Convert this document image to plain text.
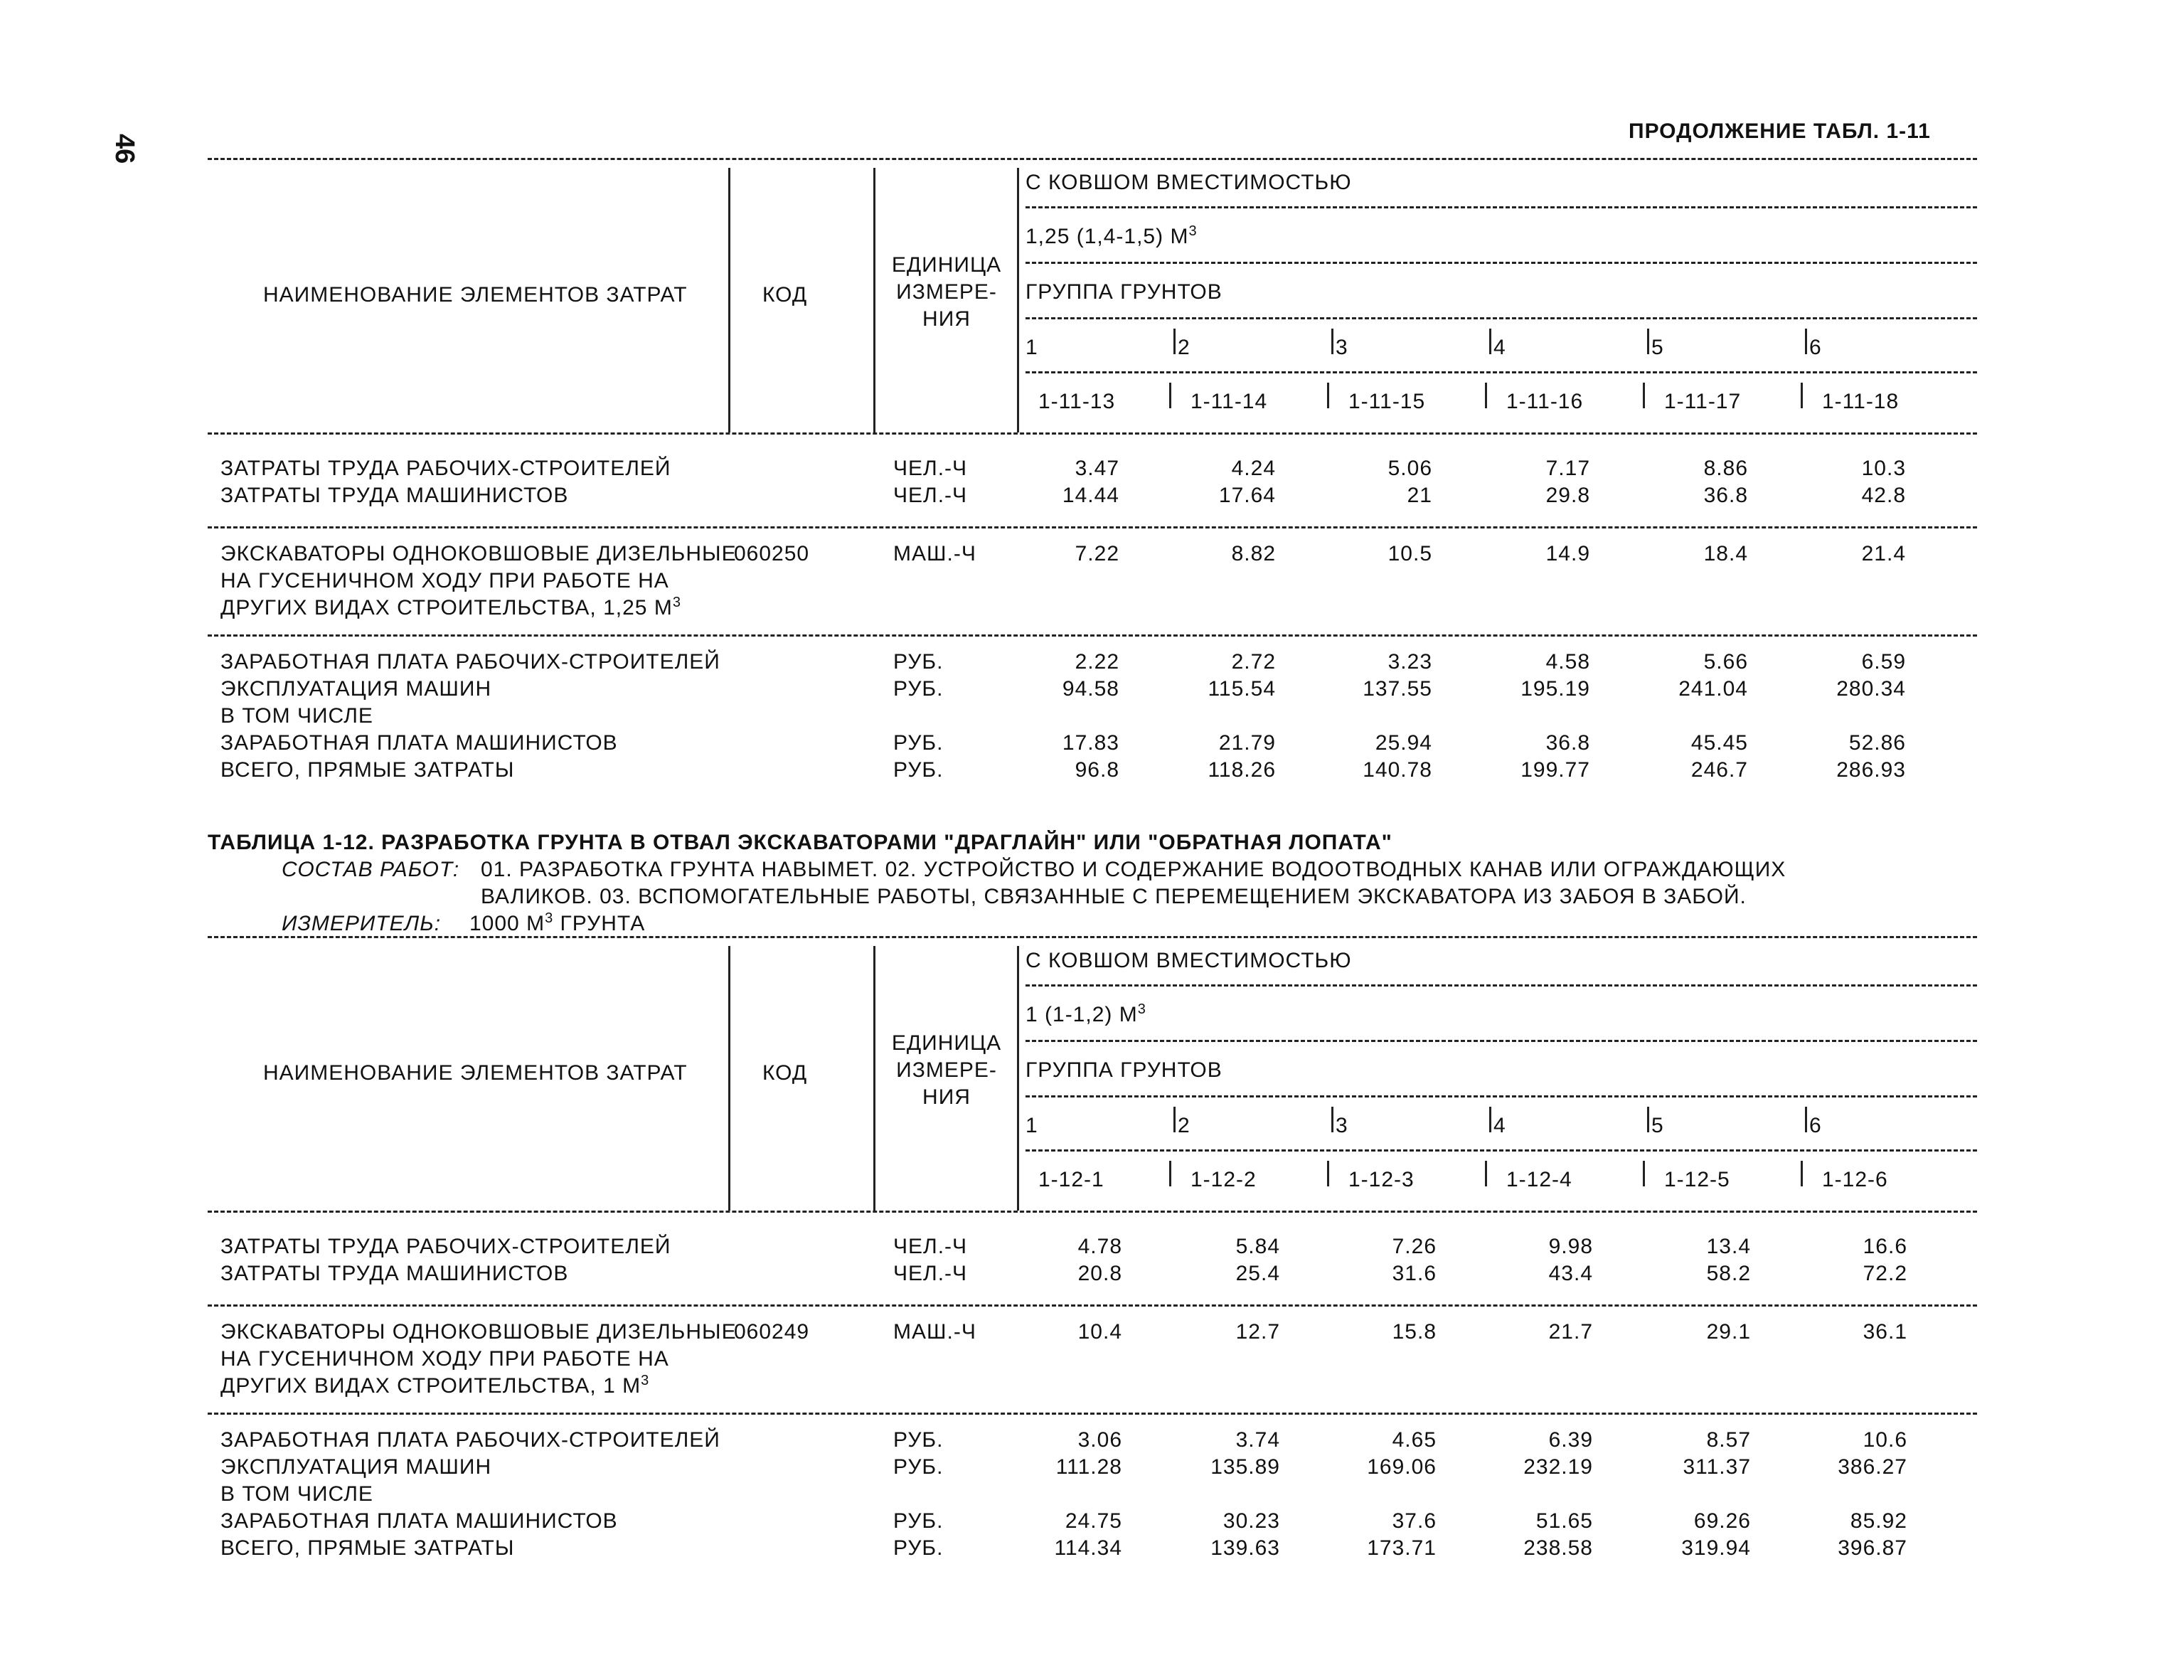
46
ПРОДОЛЖЕНИЕ ТАБЛ. 1-11
НАИМЕНОВАНИЕ ЭЛЕМЕНТОВ ЗАТРАТ	КОД
ЕДИНИЦА
ИЗМЕРЕ-
НИЯ
С КОВШОМ ВМЕСТИМОСТЬЮ
1,25 (1,4-1,5) $М^3$
ГРУППА ГРУНТОВ
1	2	3	4	5	6
1-11-13	1-11-14	1-11-15	1-11-16	1-11-17	1-11-18
ЗАТРАТЫ ТРУДА РАБОЧИХ-СТРОИТЕЛЕЙ	ЧЕЛ.-Ч	3.47	4.24	5.06	7.17	8.86	10.3
ЗАТРАТЫ ТРУДА МАШИНИСТОВ	ЧЕЛ.-Ч	14.44	17.64	21	29.8	36.8	42.8
ЭКСКАВАТОРЫ ОДНОКОВШОВЫЕ ДИЗЕЛЬНЫЕ
НА ГУСЕНИЧНОМ ХОДУ ПРИ РАБОТЕ НА
ДРУГИХ ВИДАХ СТРОИТЕЛЬСТВА, 1,25 $М^3$
060250	МАШ.-Ч	7.22	8.82	10.5	14.9	18.4	21.4
ЗАРАБОТНАЯ ПЛАТА РАБОЧИХ-СТРОИТЕЛЕЙ	РУБ.	2.22	2.72	3.23	4.58	5.66	6.59
ЭКСПЛУАТАЦИЯ МАШИН	РУБ.	94.58	115.54	137.55	195.19	241.04	280.34
В ТОМ ЧИСЛЕ
ЗАРАБОТНАЯ ПЛАТА МАШИНИСТОВ	РУБ.	17.83	21.79	25.94	36.8	45.45	52.86
ВСЕГО, ПРЯМЫЕ ЗАТРАТЫ	РУБ.	96.8	118.26	140.78	199.77	246.7	286.93
ТАБЛИЦА 1-12. РАЗРАБОТКА ГРУНТА В ОТВАЛ ЭКСКАВАТОРАМИ "ДРАГЛАЙН" ИЛИ "ОБРАТНАЯ ЛОПАТА"
СОСТАВ РАБОТ: 01. РАЗРАБОТКА ГРУНТА НАВЫМЕТ. 02. УСТРОЙСТВО И СОДЕРЖАНИЕ ВОДООТВОДНЫХ КАНАВ ИЛИ ОГРАЖДАЮЩИХ
ВАЛИКОВ. 03. ВСПОМОГАТЕЛЬНЫЕ РАБОТЫ, СВЯЗАННЫЕ С ПЕРЕМЕЩЕНИЕМ ЭКСКАВАТОРА ИЗ ЗАБОЯ В ЗАБОЙ.
ИЗМЕРИТЕЛЬ: 1000 $М^3$ ГРУНТА
НАИМЕНОВАНИЕ ЭЛЕМЕНТОВ ЗАТРАТ	КОД
ЕДИНИЦА
ИЗМЕРЕ-
НИЯ
С КОВШОМ ВМЕСТИМОСТЬЮ
1 (1-1,2) $М^3$
ГРУППА ГРУНТОВ
1	2	3	4	5	6
1-12-1	1-12-2	1-12-3	1-12-4	1-12-5	1-12-6
ЗАТРАТЫ ТРУДА РАБОЧИХ-СТРОИТЕЛЕЙ	ЧЕЛ.-Ч	4.78	5.84	7.26	9.98	13.4	16.6
ЗАТРАТЫ ТРУДА МАШИНИСТОВ	ЧЕЛ.-Ч	20.8	25.4	31.6	43.4	58.2	72.2
ЭКСКАВАТОРЫ ОДНОКОВШОВЫЕ ДИЗЕЛЬНЫЕ
НА ГУСЕНИЧНОМ ХОДУ ПРИ РАБОТЕ НА
ДРУГИХ ВИДАХ СТРОИТЕЛЬСТВА, 1 $М^3$
060249	МАШ.-Ч	10.4	12.7	15.8	21.7	29.1	36.1
ЗАРАБОТНАЯ ПЛАТА РАБОЧИХ-СТРОИТЕЛЕЙ	РУБ.	3.06	3.74	4.65	6.39	8.57	10.6
ЭКСПЛУАТАЦИЯ МАШИН	РУБ.	111.28	135.89	169.06	232.19	311.37	386.27
В ТОМ ЧИСЛЕ
ЗАРАБОТНАЯ ПЛАТА МАШИНИСТОВ	РУБ.	24.75	30.23	37.6	51.65	69.26	85.92
ВСЕГО, ПРЯМЫЕ ЗАТРАТЫ	РУБ.	114.34	139.63	173.71	238.58	319.94	396.87
